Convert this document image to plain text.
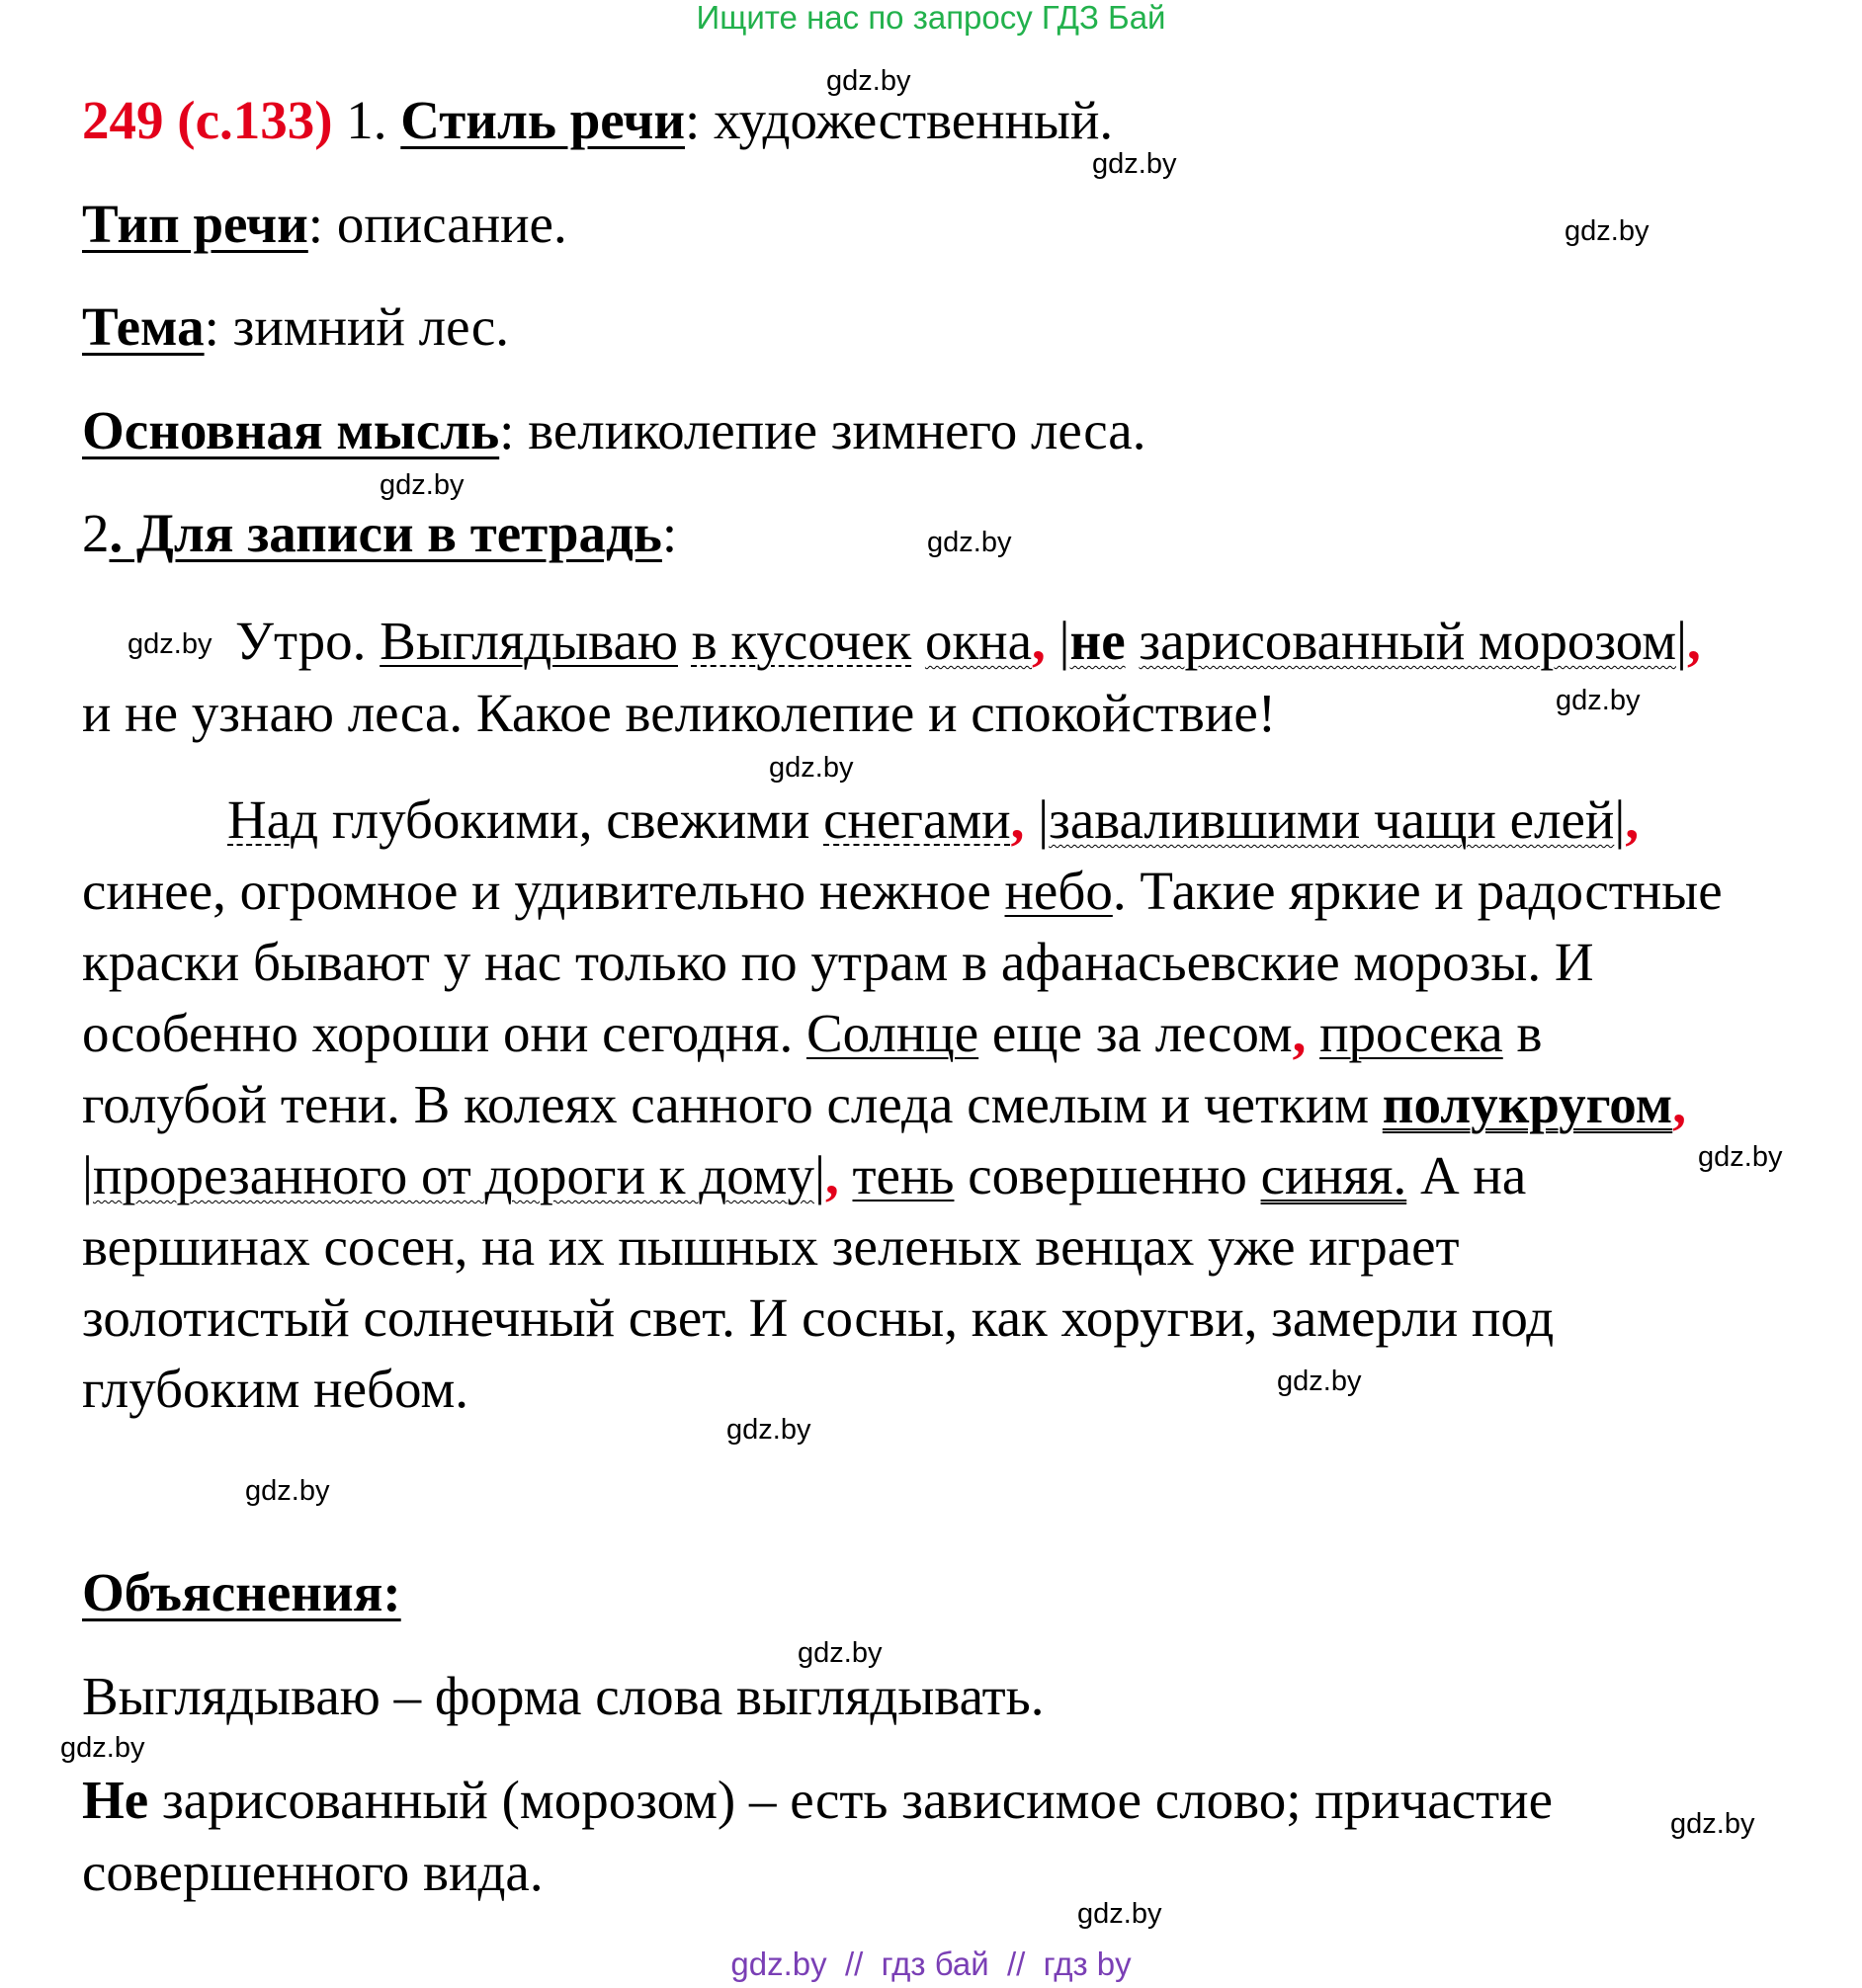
Ищите нас по запросу ГДЗ Бай
gdz.by
gdz.by
gdz.by
gdz.by
gdz.by
gdz.by
gdz.by
gdz.by
gdz.by
gdz.by
gdz.by
gdz.by
gdz.by
gdz.by
gdz.by
gdz.by
249 (с.133) 1. Стиль речи: художественный.
Тип речи: описание.
Тема: зимний лес.
Основная мысль: великолепие зимнего леса.
2. Для записи в тетрадь:
Утро. Выглядываю в кусочек окна, |не зарисованный морозом|,
и не узнаю леса. Какое великолепие и спокойствие!
Над глубокими, свежими снегами, |завалившими чащи елей|,
синее, огромное и удивительно нежное небо. Такие яркие и радостные
краски бывают у нас только по утрам в афанасьевские морозы. И
особенно хороши они сегодня. Солнце еще за лесом, просека в
голубой тени. В колеях санного следа смелым и четким полукругом,
|прорезанного от дороги к дому|, тень совершенно синяя. А на
вершинах сосен, на их пышных зеленых венцах уже играет
золотистый солнечный свет. И сосны, как хоругви, замерли под
глубоким небом.
Объяснения:
Выглядываю – форма слова выглядывать.
Не зарисованный (морозом) – есть зависимое слово; причастие
совершенного вида.
gdz.by  //  гдз бай  //  гдз by
